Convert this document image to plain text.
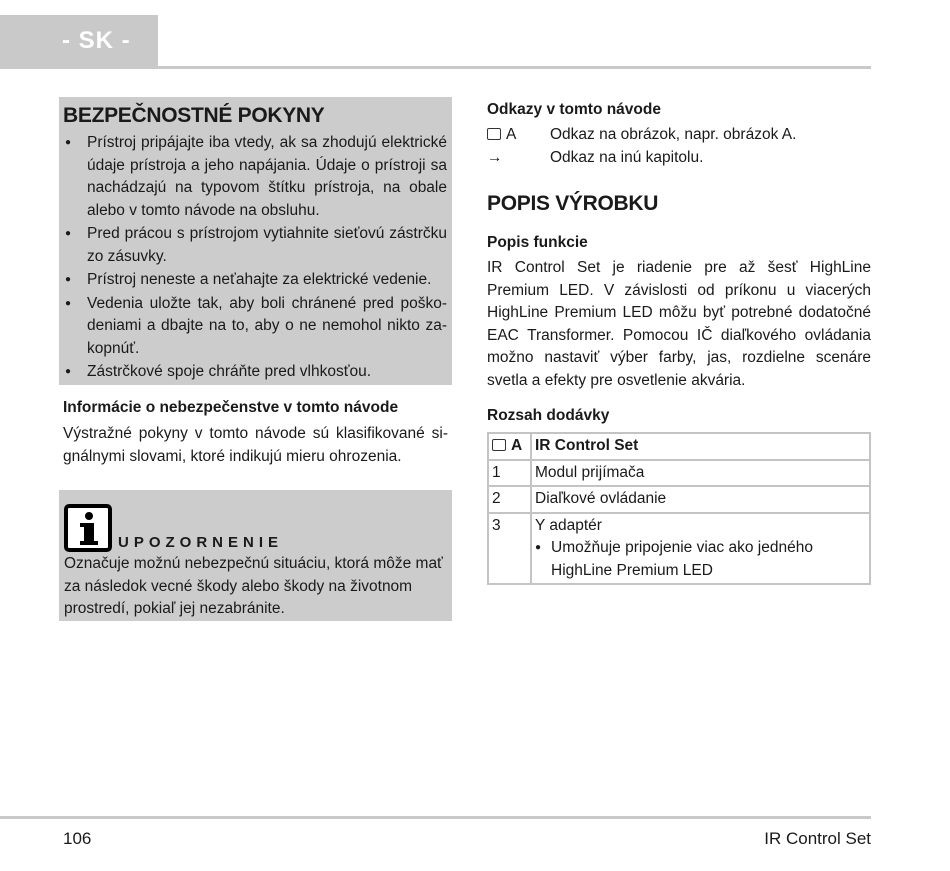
- SK -
BEZPEČNOSTNÉ POKYNY
● Prístroj pripájajte iba vtedy, ak sa zhodujú elektrické údaje prístroja a jeho napájania. Údaje o prístroji sa nachádzajú na typovom štítku prístroja, na obale alebo v tomto návode na obsluhu.
● Pred prácou s prístrojom vytiahnite sieťovú zástrčku zo zásuvky.
● Prístroj neneste a neťahajte za elektrické vedenie.
● Vedenia uložte tak, aby boli chránené pred poškodeniami a dbajte na to, aby o ne nemohol nikto zakopnúť.
● Zástrčkové spoje chráňte pred vlhkosťou.
Informácie o nebezpečenstve v tomto návode
Výstražné pokyny v tomto návode sú klasifikované signálnymi slovami, ktoré indikujú mieru ohrozenia.
UPOZORNENIE
Označuje možnú nebezpečnú situáciu, ktorá môže mať za následok vecné škody alebo škody na životnom prostredí, pokiaľ jej nezabránite.
Odkazy v tomto návode
A	Odkaz na obrázok, napr. obrázok A.
→	Odkaz na inú kapitolu.
POPIS VÝROBKU
Popis funkcie
IR Control Set je riadenie pre až šesť HighLine Premium LED. V závislosti od príkonu u viacerých HighLine Premium LED môžu byť potrebné dodatočné EAC Transformer. Pomocou IČ diaľkového ovládania možno nastaviť výber farby, jas, rozdielne scenáre svetla a efekty pre osvetlenie akvária.
Rozsah dodávky
A	IR Control Set
1	Modul prijímača
2	Diaľkové ovládanie
3	Y adaptér
● Umožňuje pripojenie viac ako jedného HighLine Premium LED
106	IR Control Set
